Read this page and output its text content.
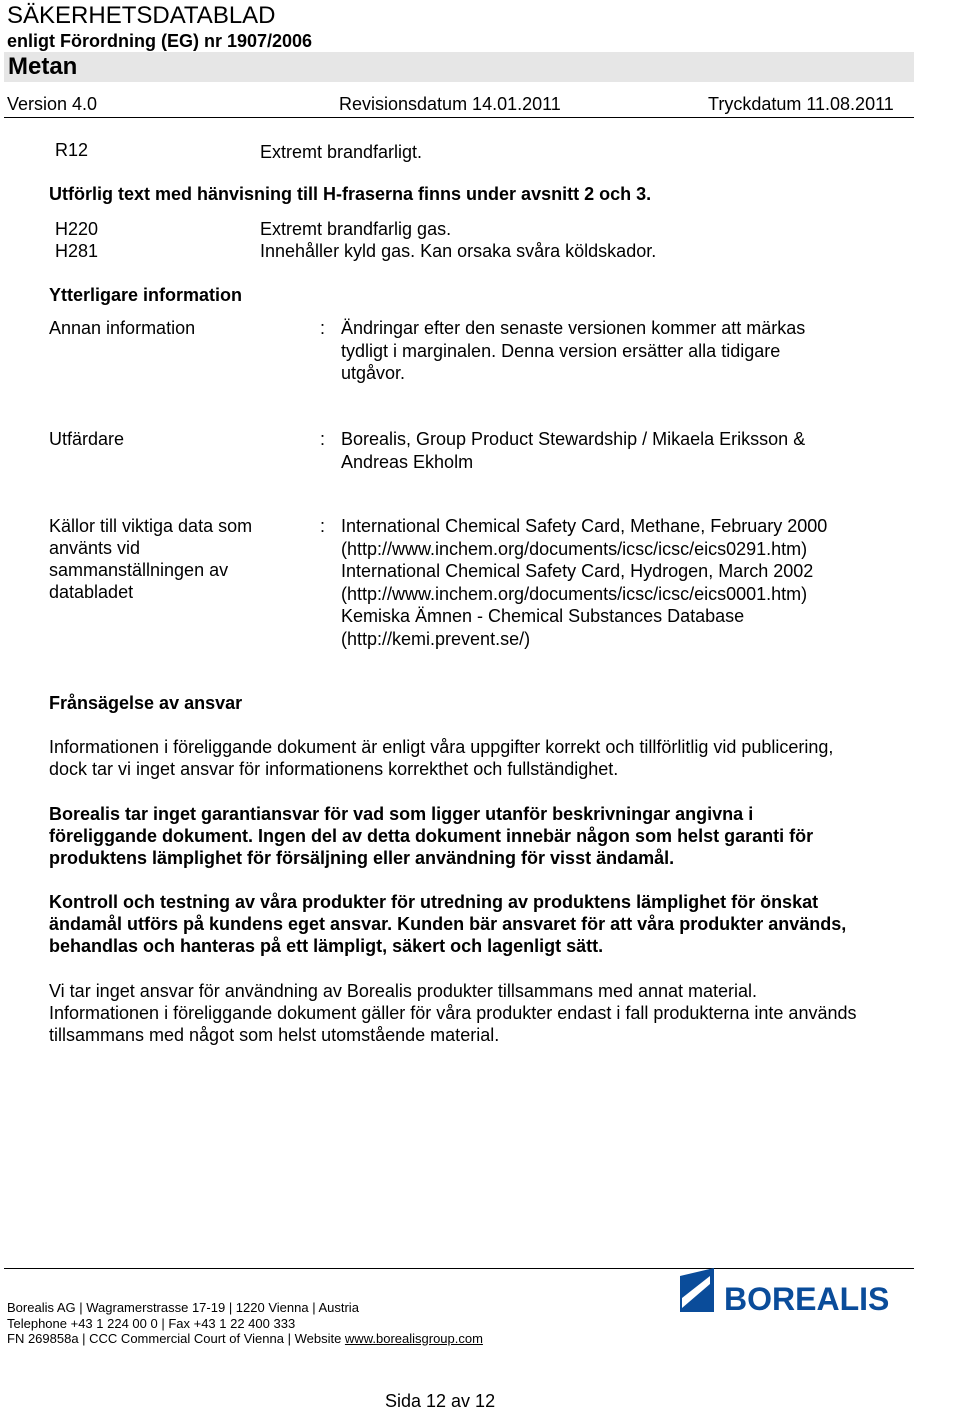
SÄKERHETSDATABLAD
enligt Förordning (EG) nr 1907/2006
Metan
Version 4.0	Revisionsdatum 14.01.2011	Tryckdatum 11.08.2011
R12	Extremt brandfarligt.
Utförlig text med hänvisning till H-fraserna finns under avsnitt 2 och 3.
H220	Extremt brandfarlig gas.
H281	Innehåller kyld gas. Kan orsaka svåra köldskador.
Ytterligare information
Annan information	: Ändringar efter den senaste versionen kommer att märkas
tydligt i marginalen. Denna version ersätter alla tidigare
utgåvor.
Utfärdare	: Borealis, Group Product Stewardship / Mikaela Eriksson &
Andreas Ekholm
Källor till viktiga data som
använts vid
sammanställningen av
databladet
: International Chemical Safety Card, Methane, February 2000
(http://www.inchem.org/documents/icsc/icsc/eics0291.htm)
International Chemical Safety Card, Hydrogen, March 2002
(http://www.inchem.org/documents/icsc/icsc/eics0001.htm)
Kemiska Ämnen - Chemical Substances Database
(http://kemi.prevent.se/)
Frånsägelse av ansvar
Informationen i föreliggande dokument är enligt våra uppgifter korrekt och tillförlitlig vid publicering,
dock tar vi inget ansvar för informationens korrekthet och fullständighet.
Borealis tar inget garantiansvar för vad som ligger utanför beskrivningar angivna i
föreliggande dokument. Ingen del av detta dokument innebär någon som helst garanti för
produktens lämplighet för försäljning eller användning för visst ändamål.
Kontroll och testning av våra produkter för utredning av produktens lämplighet för önskat
ändamål utförs på kundens eget ansvar. Kunden bär ansvaret för att våra produkter används,
behandlas och hanteras på ett lämpligt, säkert och lagenligt sätt.
Vi tar inget ansvar för användning av Borealis produkter tillsammans med annat material.
Informationen i föreliggande dokument gäller för våra produkter endast i fall produkterna inte används
tillsammans med något som helst utomstående material.
BOREALIS
Borealis AG | Wagramerstrasse 17-19 | 1220 Vienna | Austria
Telephone +43 1 224 00 0 | Fax +43 1 22 400 333
FN 269858a | CCC Commercial Court of Vienna | Website www.borealisgroup.com
Sida 12 av 12
